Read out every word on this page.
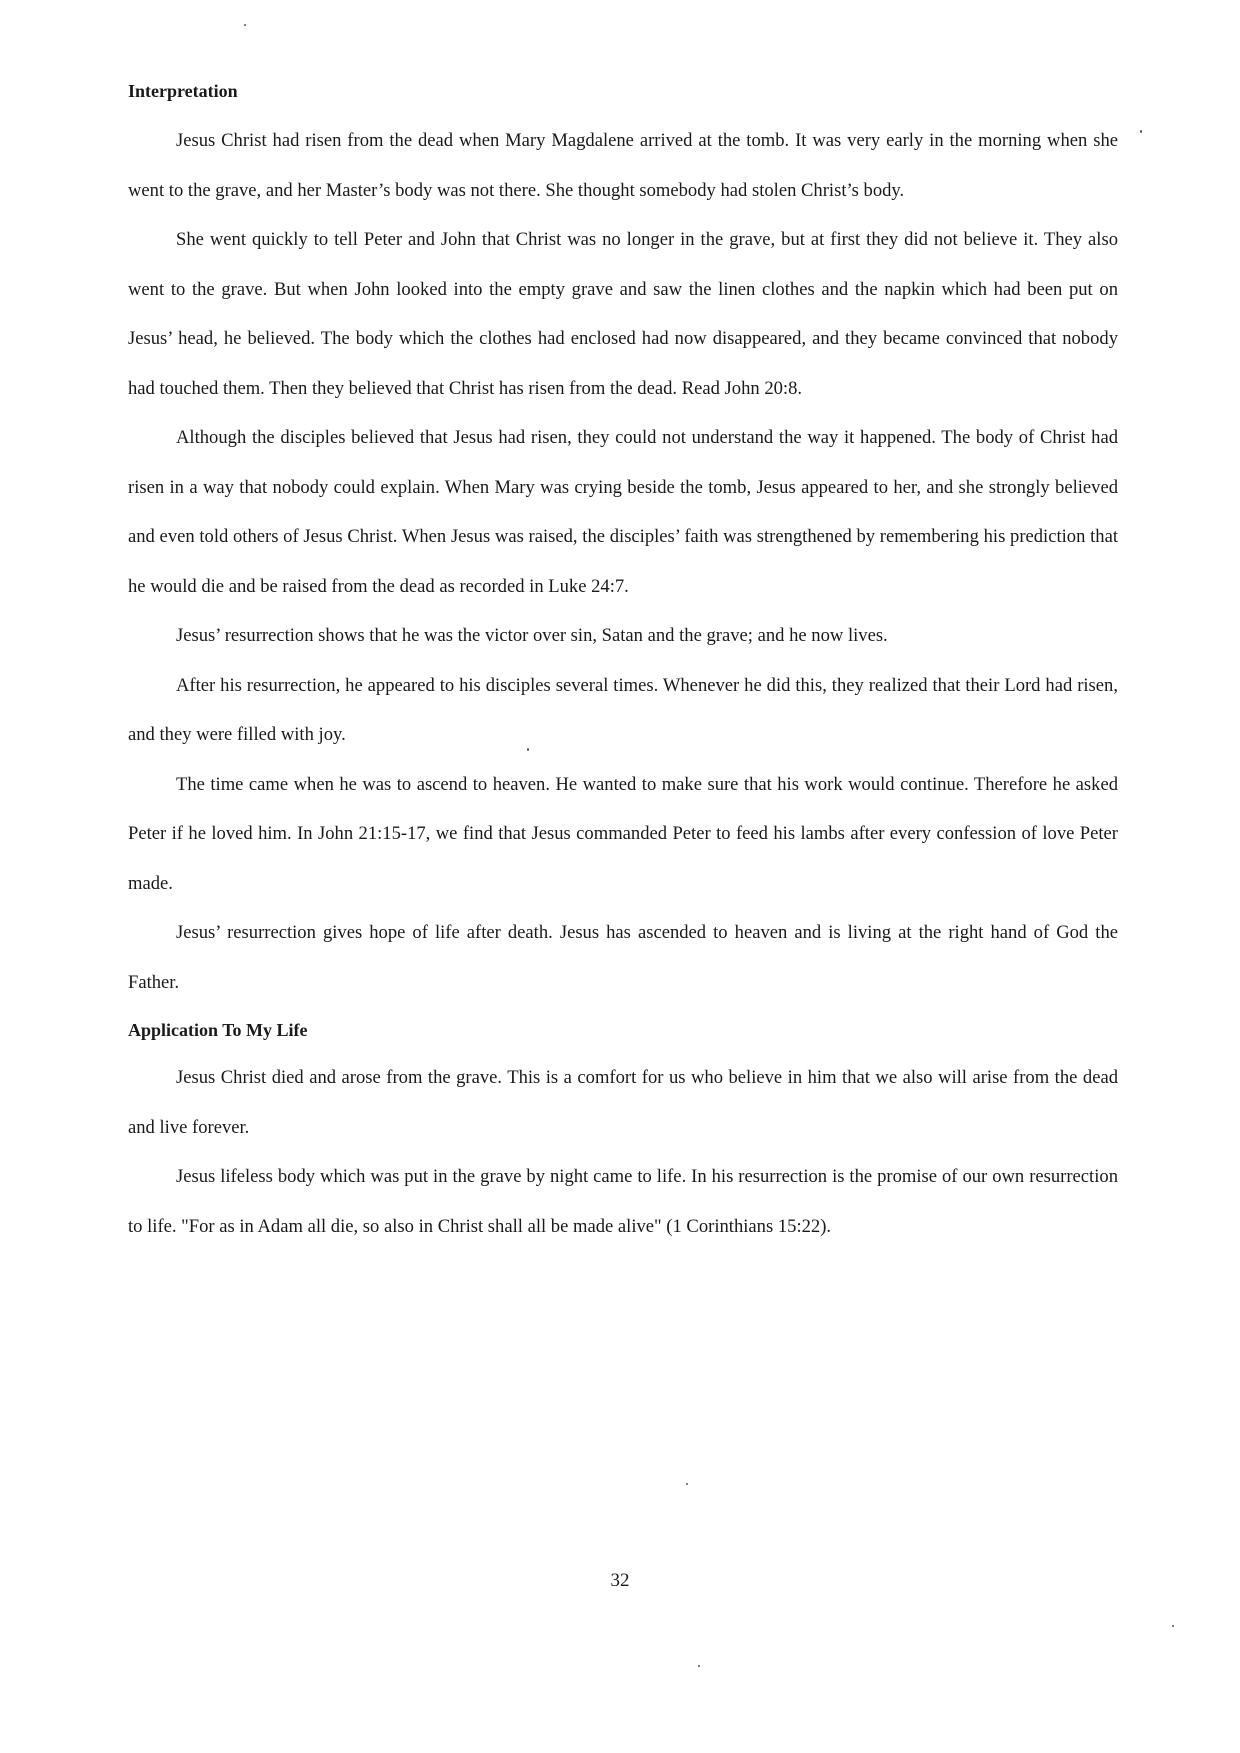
Interpretation

Jesus Christ had risen from the dead when Mary Magdalene arrived at the tomb. It was very early in the morning when she went to the grave, and her Master’s body was not there. She thought somebody had stolen Christ’s body.

She went quickly to tell Peter and John that Christ was no longer in the grave, but at first they did not believe it. They also went to the grave. But when John looked into the empty grave and saw the linen clothes and the napkin which had been put on Jesus’ head, he believed. The body which the clothes had enclosed had now disappeared, and they became convinced that nobody had touched them. Then they believed that Christ has risen from the dead. Read John 20:8.

Although the disciples believed that Jesus had risen, they could not understand the way it happened. The body of Christ had risen in a way that nobody could explain. When Mary was crying beside the tomb, Jesus appeared to her, and she strongly believed and even told others of Jesus Christ. When Jesus was raised, the disciples’ faith was strengthened by remembering his prediction that he would die and be raised from the dead as recorded in Luke 24:7.

Jesus’ resurrection shows that he was the victor over sin, Satan and the grave; and he now lives.

After his resurrection, he appeared to his disciples several times. Whenever he did this, they realized that their Lord had risen, and they were filled with joy.

The time came when he was to ascend to heaven. He wanted to make sure that his work would continue. Therefore he asked Peter if he loved him. In John 21:15-17, we find that Jesus commanded Peter to feed his lambs after every confession of love Peter made.

Jesus’ resurrection gives hope of life after death. Jesus has ascended to heaven and is living at the right hand of God the Father.

Application To My Life

Jesus Christ died and arose from the grave. This is a comfort for us who believe in him that we also will arise from the dead and live forever.

Jesus lifeless body which was put in the grave by night came to life. In his resurrection is the promise of our own resurrection to life. "For as in Adam all die, so also in Christ shall all be made alive" (1 Corinthians 15:22).

32
